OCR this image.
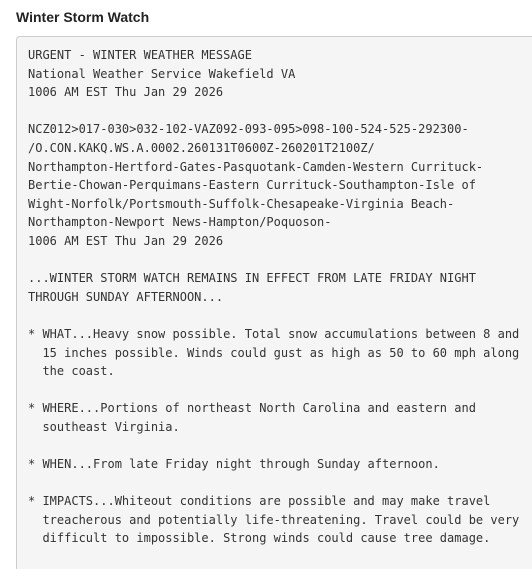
Winter Storm Watch
URGENT - WINTER WEATHER MESSAGE
National Weather Service Wakefield VA
1006 AM EST Thu Jan 29 2026
NCZ012>017-030>032-102-VAZ092-093-095>098-100-524-525-292300-
/O.CON.KAKQ.WS.A.0002.260131T0600Z-260201T2100Z/
Northampton-Hertford-Gates-Pasquotank-Camden-Western Currituck-
Bertie-Chowan-Perquimans-Eastern Currituck-Southampton-Isle of
Wight-Norfolk/Portsmouth-Suffolk-Chesapeake-Virginia Beach-
Northampton-Newport News-Hampton/Poquoson-
1006 AM EST Thu Jan 29 2026
...WINTER STORM WATCH REMAINS IN EFFECT FROM LATE FRIDAY NIGHT
THROUGH SUNDAY AFTERNOON...
* WHAT...Heavy snow possible. Total snow accumulations between 8 and
15 inches possible. Winds could gust as high as 50 to 60 mph along
the coast.
* WHERE...Portions of northeast North Carolina and eastern and
southeast Virginia.
* WHEN...From late Friday night through Sunday afternoon.
* IMPACTS...Whiteout conditions are possible and may make travel
treacherous and potentially life-threatening. Travel could be very
difficult to impossible. Strong winds could cause tree damage.
